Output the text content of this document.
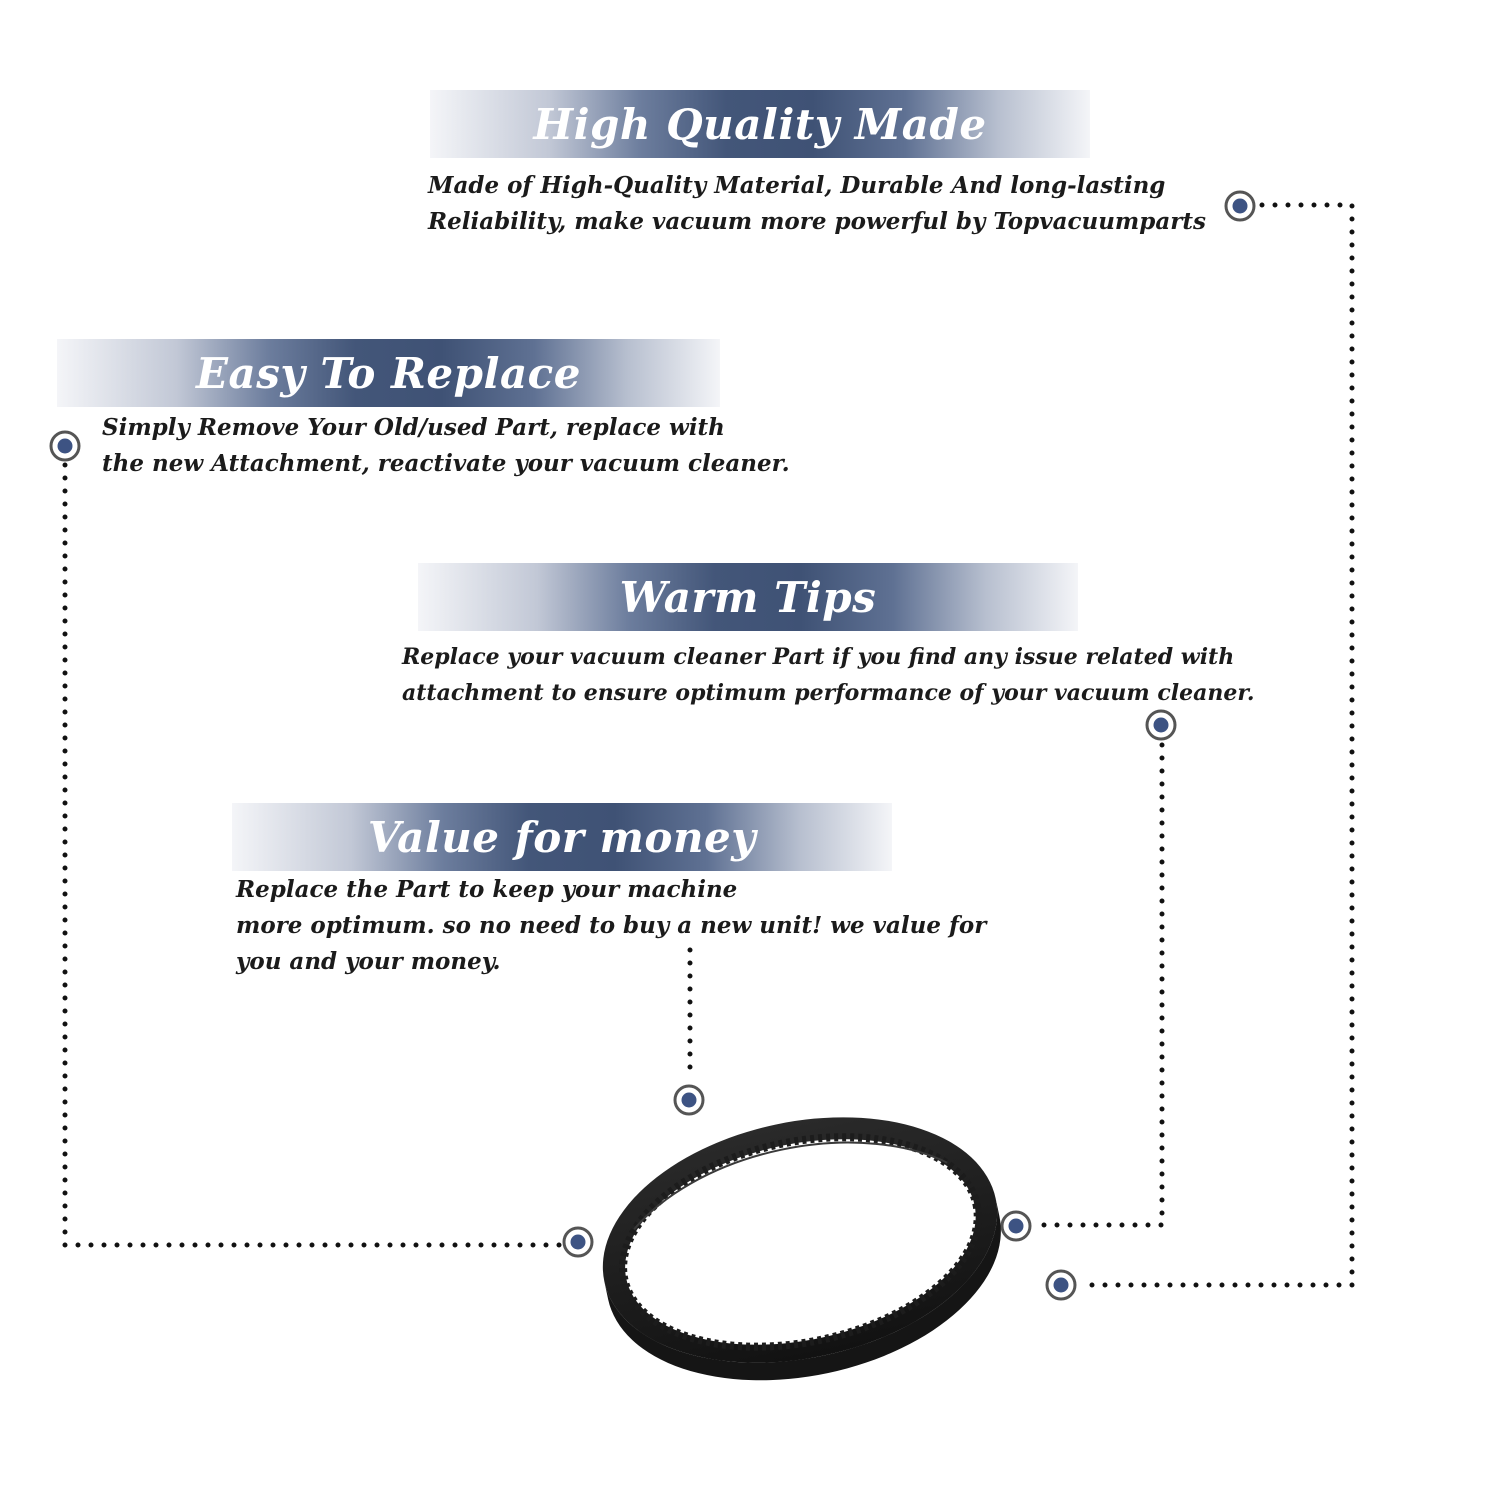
High Quality Made

Made of High-Quality Material, Durable And long-lasting
Reliability, make vacuum more powerful by Topvacuumparts

Easy To Replace

Simply Remove Your Old/used Part, replace with
the new Attachment, reactivate your vacuum cleaner.

Warm Tips

Replace your vacuum cleaner Part if you find any issue related with
attachment to ensure optimum performance of your vacuum cleaner.

Value for money

Replace the Part to keep your machine
more optimum. so no need to buy a new unit! we value for
you and your money.
